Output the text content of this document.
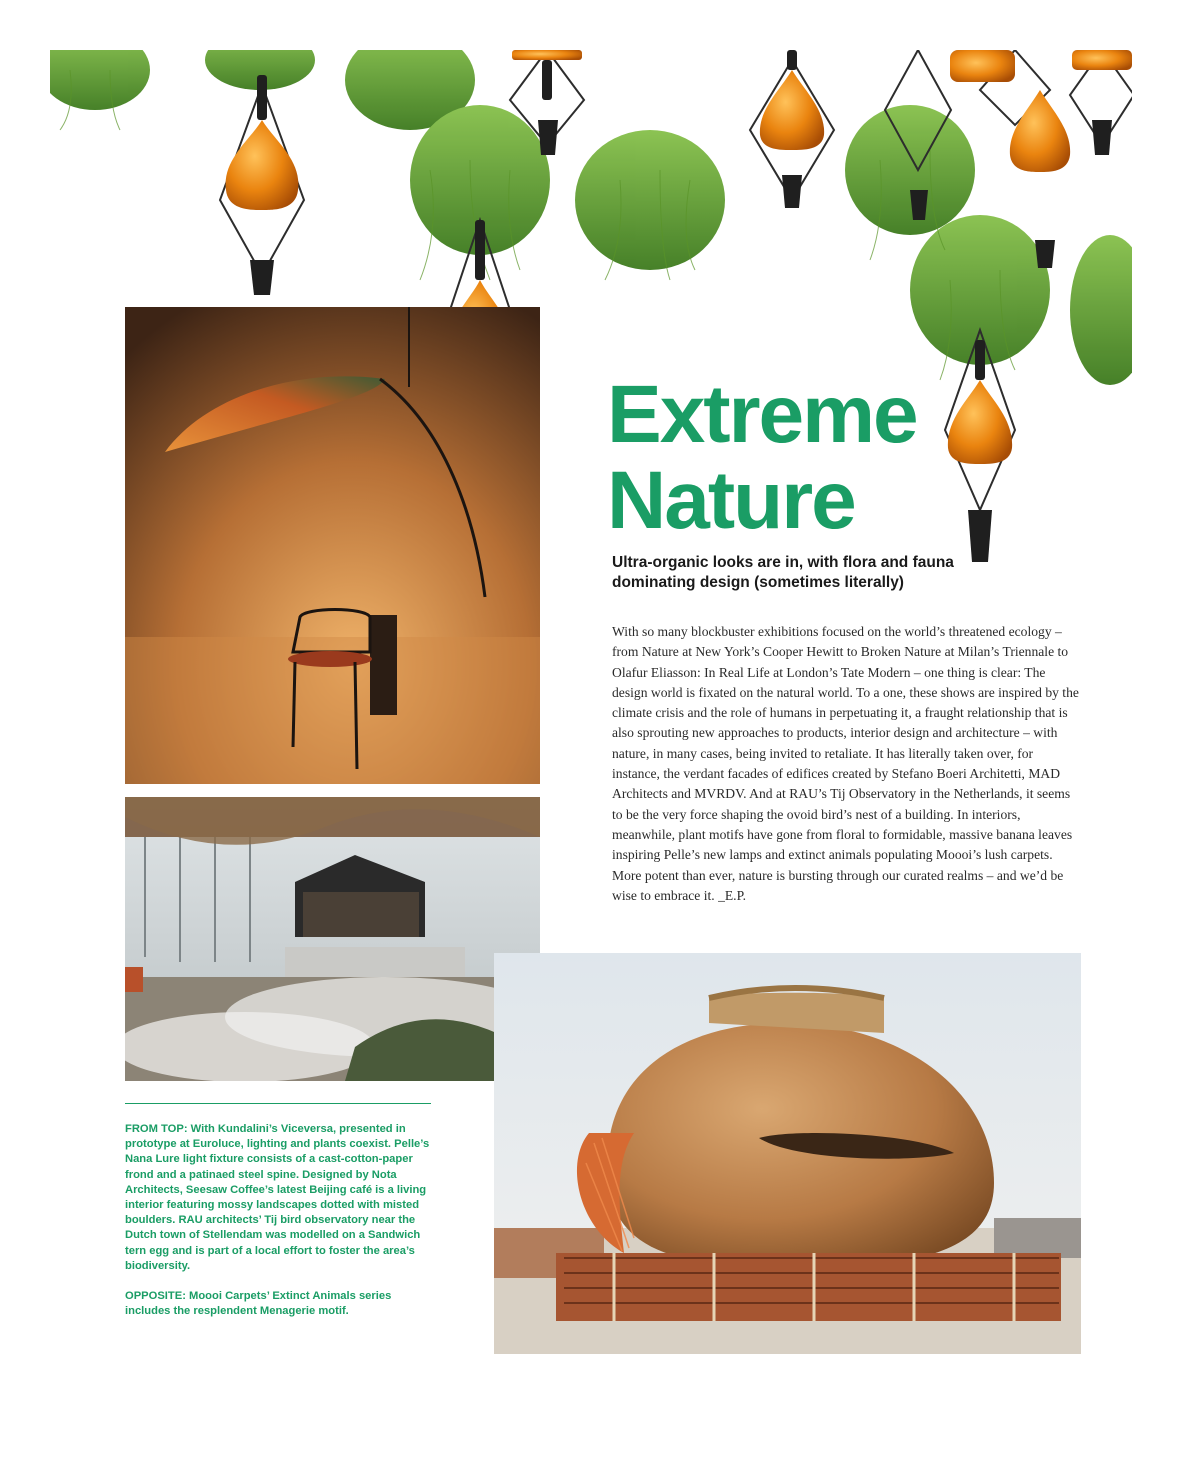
Extreme
Nature

Ultra-organic looks are in, with flora and fauna dominating design (sometimes literally)

With so many blockbuster exhibitions focused on the world’s threatened ecology – from Nature at New York’s Cooper Hewitt to Broken Nature at Milan’s Triennale to Olafur Eliasson: In Real Life at London’s Tate Modern – one thing is clear: The design world is fixated on the natural world. To a one, these shows are inspired by the climate crisis and the role of humans in perpetuating it, a fraught relationship that is also sprouting new approaches to products, interior design and architecture – with nature, in many cases, being invited to retaliate. It has literally taken over, for instance, the verdant facades of edifices created by Stefano Boeri Architetti, MAD Architects and MVRDV. And at RAU’s Tij Observatory in the Netherlands, it seems to be the very force shaping the ovoid bird’s nest of a building. In interiors, meanwhile, plant motifs have gone from floral to formidable, massive banana leaves inspiring Pelle’s new lamps and extinct animals populating Moooi’s lush carpets. More potent than ever, nature is bursting through our curated realms – and we’d be wise to embrace it. _E.P.

FROM TOP: With Kundalini’s Viceversa, presented in prototype at Euroluce, lighting and plants coexist. Pelle’s Nana Lure light fixture consists of a cast-cotton-paper frond and a patinaed steel spine. Designed by Nota Architects, Seesaw Coffee’s latest Beijing café is a living interior featuring mossy landscapes dotted with misted boulders. RAU architects’ Tij bird observatory near the Dutch town of Stellendam was modelled on a Sandwich tern egg and is part of a local effort to foster the area’s biodiversity.

OPPOSITE: Moooi Carpets’ Extinct Animals series includes the resplendent Menagerie motif.
